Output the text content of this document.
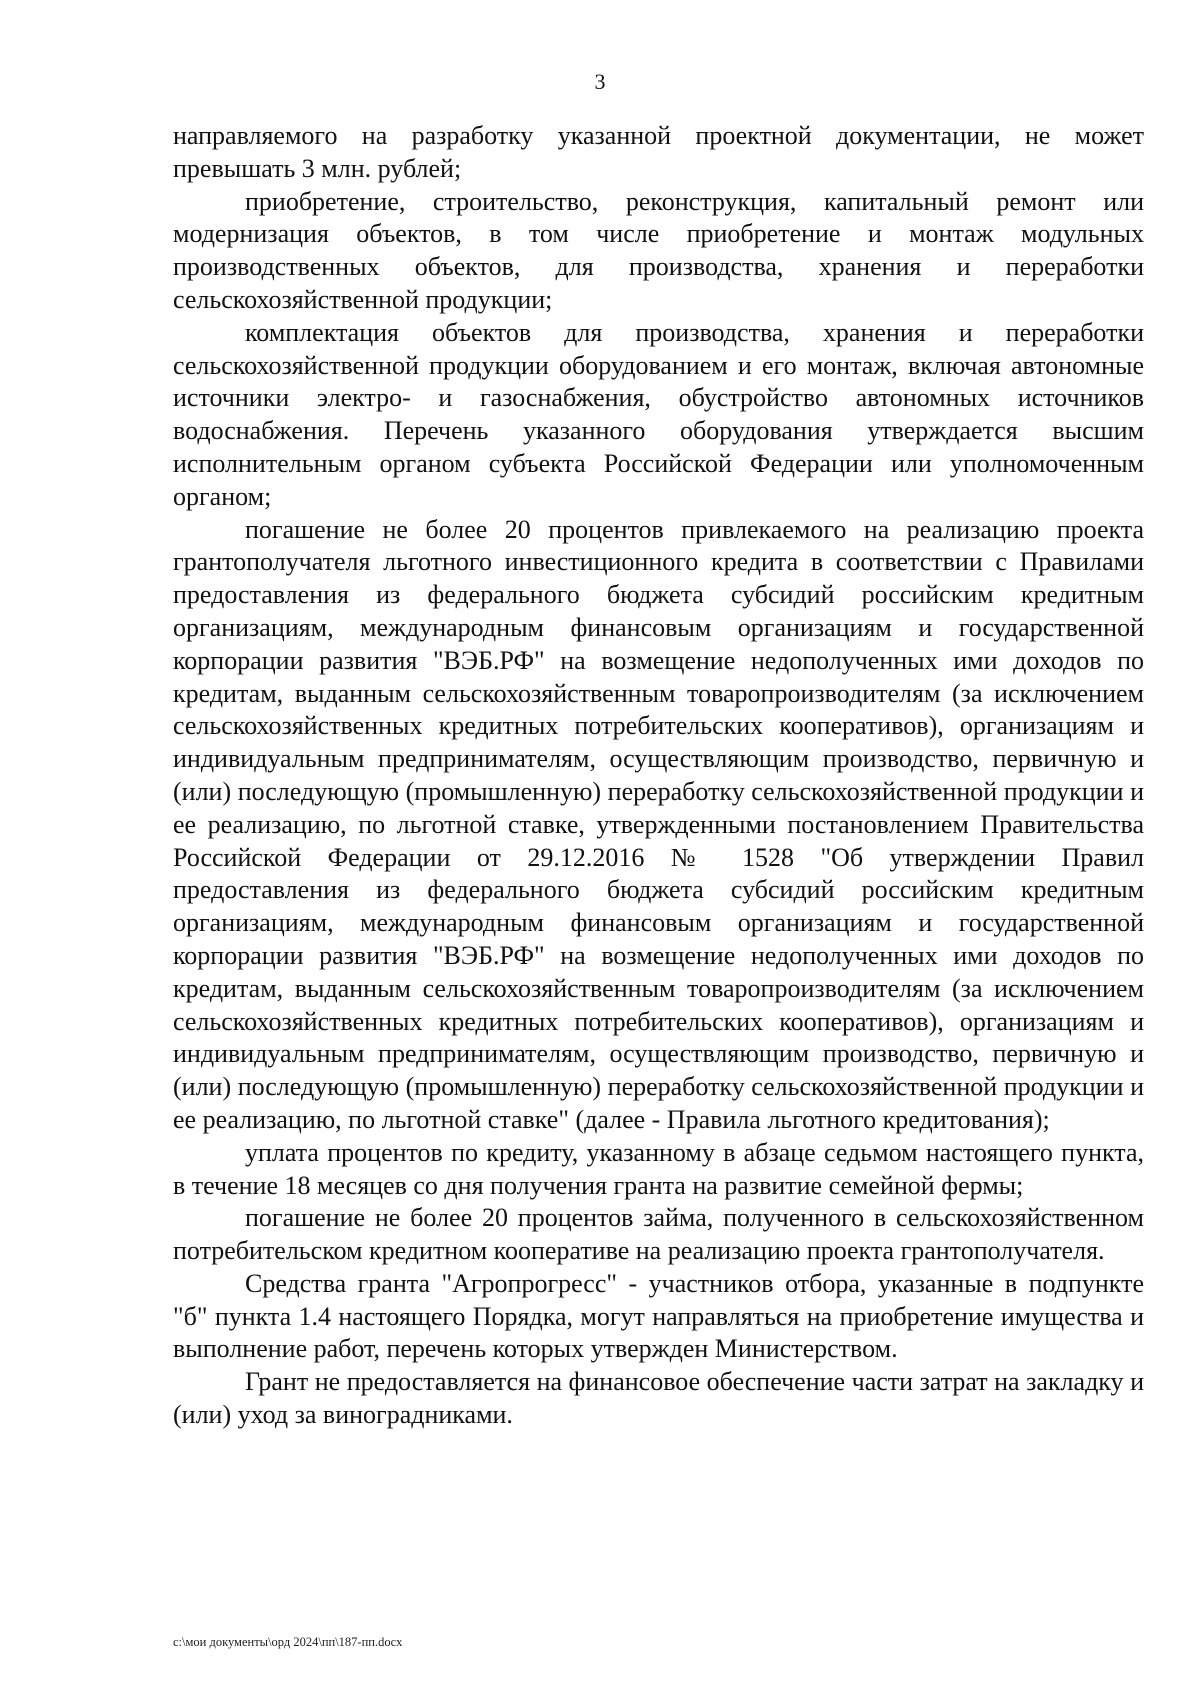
3

направляемого на разработку указанной проектной документации, не может превышать 3 млн. рублей;

приобретение, строительство, реконструкция, капитальный ремонт или модернизация объектов, в том числе приобретение и монтаж модульных производственных объектов, для производства, хранения и переработки сельскохозяйственной продукции;

комплектация объектов для производства, хранения и переработки сельскохозяйственной продукции оборудованием и его монтаж, включая автономные источники электро- и газоснабжения, обустройство автономных источников водоснабжения. Перечень указанного оборудования утверждается высшим исполнительным органом субъекта Российской Федерации или уполномоченным органом;

погашение не более 20 процентов привлекаемого на реализацию проекта грантополучателя льготного инвестиционного кредита в соответствии с Правилами предоставления из федерального бюджета субсидий российским кредитным организациям, международным финансовым организациям и государственной корпорации развития "ВЭБ.РФ" на возмещение недополученных ими доходов по кредитам, выданным сельскохозяйственным товаропроизводителям (за исключением сельскохозяйственных кредитных потребительских кооперативов), организациям и индивидуальным предпринимателям, осуществляющим производство, первичную и (или) последующую (промышленную) переработку сельскохозяйственной продукции и ее реализацию, по льготной ставке, утвержденными постановлением Правительства Российской Федерации от 29.12.2016 № 1528 "Об утверждении Правил предоставления из федерального бюджета субсидий российским кредитным организациям, международным финансовым организациям и государственной корпорации развития "ВЭБ.РФ" на возмещение недополученных ими доходов по кредитам, выданным сельскохозяйственным товаропроизводителям (за исключением сельскохозяйственных кредитных потребительских кооперативов), организациям и индивидуальным предпринимателям, осуществляющим производство, первичную и (или) последующую (промышленную) переработку сельскохозяйственной продукции и ее реализацию, по льготной ставке" (далее - Правила льготного кредитования);

уплата процентов по кредиту, указанному в абзаце седьмом настоящего пункта, в течение 18 месяцев со дня получения гранта на развитие семейной фермы;

погашение не более 20 процентов займа, полученного в сельскохозяйственном потребительском кредитном кооперативе на реализацию проекта грантополучателя.

Средства гранта "Агропрогресс" - участников отбора, указанные в подпункте "б" пункта 1.4 настоящего Порядка, могут направляться на приобретение имущества и выполнение работ, перечень которых утвержден Министерством.

Грант не предоставляется на финансовое обеспечение части затрат на закладку и (или) уход за виноградниками.

c:\мои документы\орд 2024\пп\187-пп.docx
